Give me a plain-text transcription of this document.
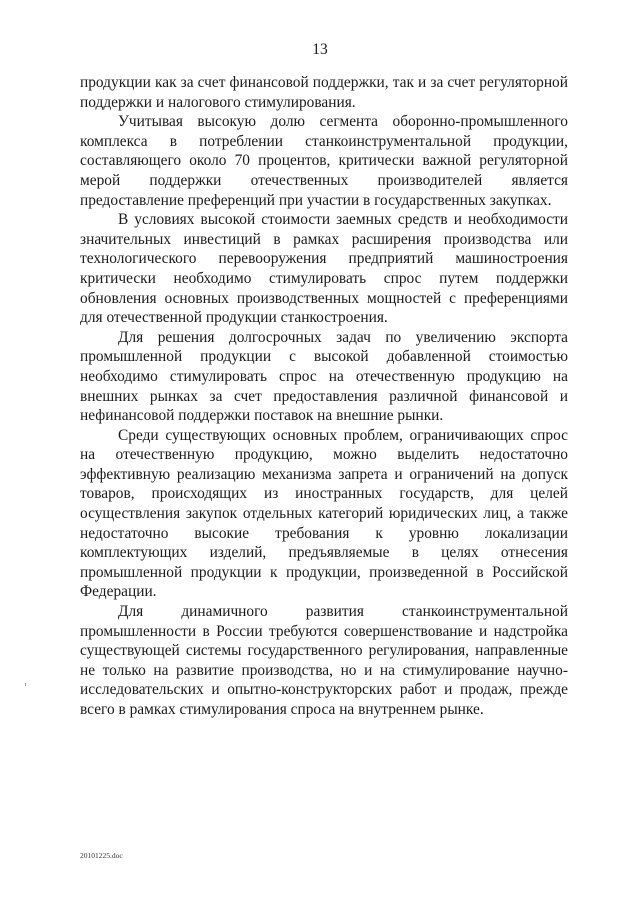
13

продукции как за счет финансовой поддержки, так и за счет регуляторной поддержки и налогового стимулирования.

Учитывая высокую долю сегмента оборонно-промышленного комплекса в потреблении станкоинструментальной продукции, составляющего около 70 процентов, критически важной регуляторной мерой поддержки отечественных производителей является предоставление преференций при участии в государственных закупках.

В условиях высокой стоимости заемных средств и необходимости значительных инвестиций в рамках расширения производства или технологического перевооружения предприятий машиностроения критически необходимо стимулировать спрос путем поддержки обновления основных производственных мощностей с преференциями для отечественной продукции станкостроения.

Для решения долгосрочных задач по увеличению экспорта промышленной продукции с высокой добавленной стоимостью необходимо стимулировать спрос на отечественную продукцию на внешних рынках за счет предоставления различной финансовой и нефинансовой поддержки поставок на внешние рынки.

Среди существующих основных проблем, ограничивающих спрос на отечественную продукцию, можно выделить недостаточно эффективную реализацию механизма запрета и ограничений на допуск товаров, происходящих из иностранных государств, для целей осуществления закупок отдельных категорий юридических лиц, а также недостаточно высокие требования к уровню локализации комплектующих изделий, предъявляемые в целях отнесения промышленной продукции к продукции, произведенной в Российской Федерации.

Для динамичного развития станкоинструментальной промышленности в России требуются совершенствование и надстройка существующей системы государственного регулирования, направленные не только на развитие производства, но и на стимулирование научно-исследовательских и опытно-конструкторских работ и продаж, прежде всего в рамках стимулирования спроса на внутреннем рынке.

20101225.doc
